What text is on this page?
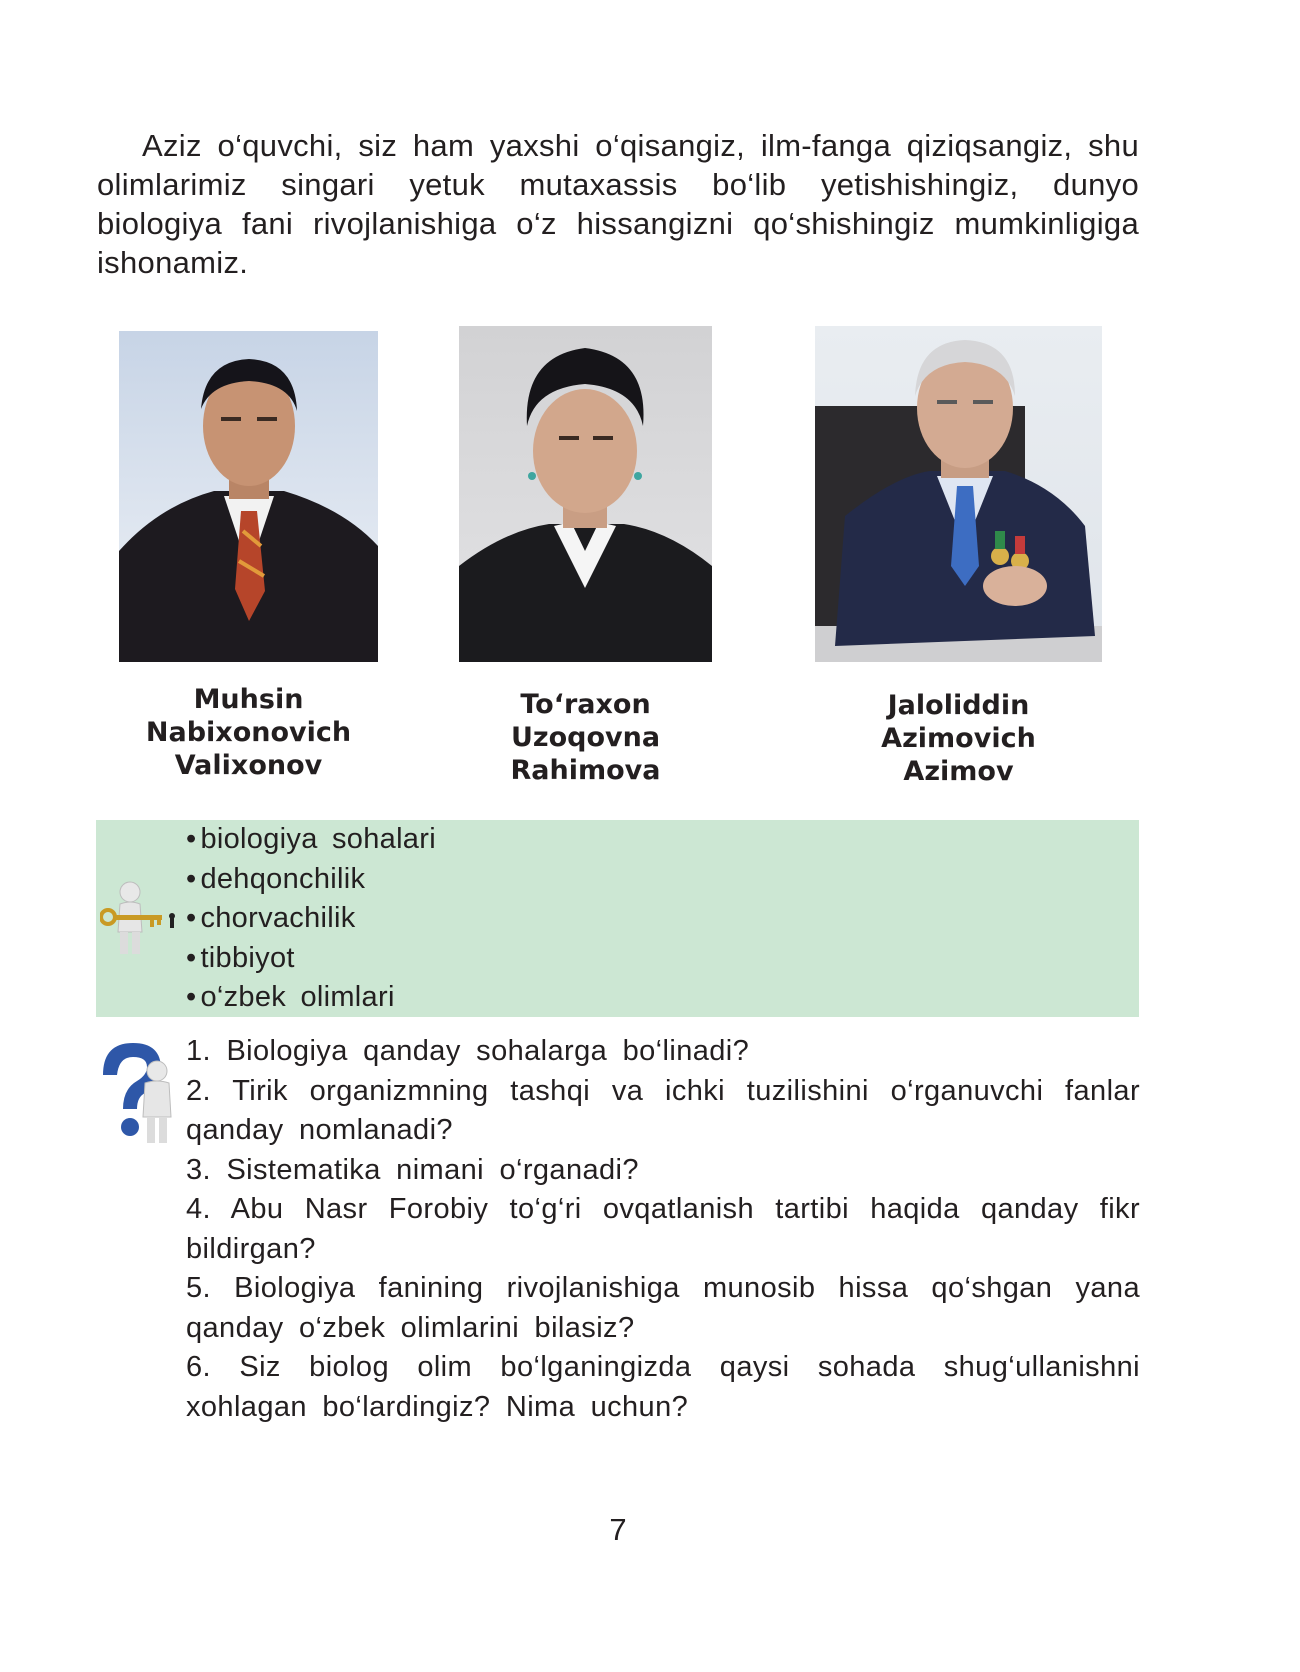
Aziz o‘quvchi, siz ham yaxshi o‘qisangiz, ilm-fanga qiziqsangiz, shu olimlarimiz singari yetuk mutaxassis bo‘lib yetishishingiz, dunyo biologiya fani rivojlanishiga o‘z hissangizni qo‘shishingiz mumkinligiga ishonamiz.

Muhsin
Nabixonovich
Valixonov

To‘raxon
Uzoqovna
Rahimova

Jaloliddin
Azimovich
Azimov

• biologiya sohalari
• dehqonchilik
• chorvachilik
• tibbiyot
• o‘zbek olimlari
1. Biologiya qanday sohalarga bo‘linadi?
2. Tirik organizmning tashqi va ichki tuzilishini o‘rganuvchi fanlar qanday nomlanadi?
3. Sistematika nimani o‘rganadi?
4. Abu Nasr Forobiy to‘g‘ri ovqatlanish tartibi haqida qanday fikr bildirgan?
5. Biologiya fanining rivojlanishiga munosib hissa qo‘shgan yana qanday o‘zbek olimlarini bilasiz?
6. Siz biolog olim bo‘lganingizda qaysi sohada shug‘ullanishni xohlagan bo‘lardingiz? Nima uchun?

7
